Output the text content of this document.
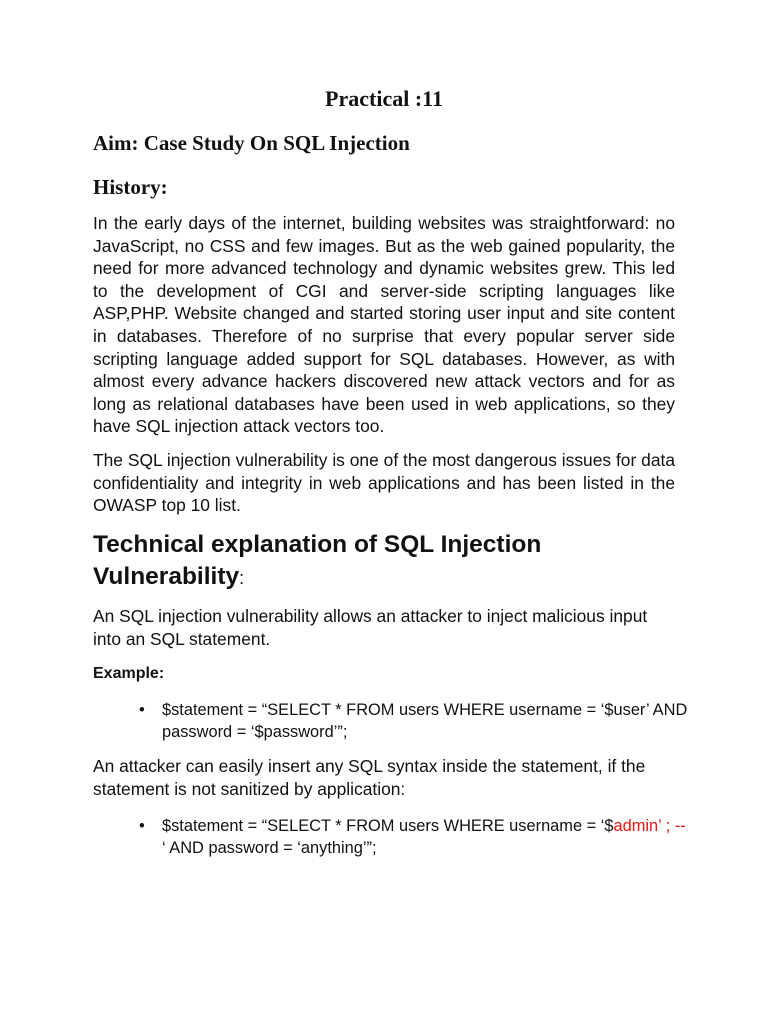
Practical :11
Aim: Case Study On SQL Injection
History:

In the early days of the internet, building websites was straightforward: no JavaScript, no CSS and few images. But as the web gained popularity, the need for more advanced technology and dynamic websites grew. This led to the development of CGI and server-side scripting languages like ASP,PHP. Website changed and started storing user input and site content in databases. Therefore of no surprise that every popular server side scripting language added support for SQL databases. However, as with almost every advance hackers discovered new attack vectors and for as long as relational databases have been used in web applications, so they have SQL injection attack vectors too.

The SQL injection vulnerability is one of the most dangerous issues for data confidentiality and integrity in web applications and has been listed in the OWASP top 10 list.

Technical explanation of SQL Injection Vulnerability:

An SQL injection vulnerability allows an attacker to inject malicious input into an SQL statement.

Example:

• $statement = “SELECT * FROM users WHERE username = ‘$user’ AND password = ‘$password’”;

An attacker can easily insert any SQL syntax inside the statement, if the statement is not sanitized by application:

• $statement = “SELECT * FROM users WHERE username = ‘$admin’ ; -- ‘ AND password = ‘anything’”;
